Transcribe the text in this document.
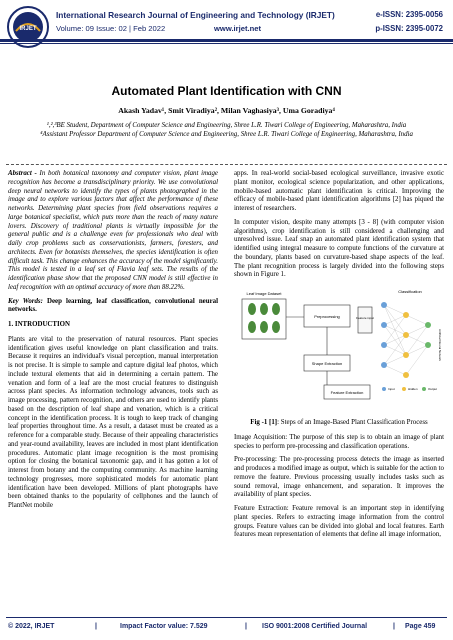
IRJET
International Research Journal of Engineering and Technology (IRJET)
Volume: 09 Issue: 02 | Feb 2022	www.irjet.net
e-ISSN: 2395-0056
p-ISSN: 2395-0072
Automated Plant Identification with CNN
Akash Yadav¹, Smit Viradiya², Milan Vaghasiya³, Uma Goradiya⁴
¹,²,³BE Student, Department of Computer Science and Engineering, Shree L.R. Tiwari College of Engineering, Maharashtra, India
⁴Assistant Professor Department of Computer Science and Engineering, Shree L.R. Tiwari College of Engineering, Maharashtra, India

Abstract - In both botanical taxonomy and computer vision, plant image recognition has become a transdisciplinary priority. We use convolutional deep neural networks to identify the types of plants photographed in the image and to explore various factors that affect the performance of these networks. Determining plant species from field observations requires a large botanical specialist, which puts more than the reach of many nature lovers. Discovery of traditional plants is virtually impossible for the general public and is a challenge even for professionals who deal with daily crop problems such as conservationists, farmers, foresters, and architects. Even for botanists themselves, the species identification is often difficult task. This change enhances the accuracy of the model significantly. This model is tested in a leaf set of Flavia leaf sets. The results of the identification phase show that the proposed CNN model is still effective in leaf recognition with an optimal accuracy of more than 88.22%.

Key Words: Deep learning, leaf classification, convolutional neural networks.

1. INTRODUCTION

Plants are vital to the preservation of natural resources. Plant species identification gives useful knowledge on plant classification and traits. Because it requires an individual's visual perception, manual interpretation is not precise. It is simple to sample and capture digital leaf photos, which include textural elements that aid in determining a certain pattern. The venation and form of a leaf are the most crucial features to distinguish across plant species. As information technology advances, tools such as image processing, pattern recognition, and others are used to identify plants based on the description of leaf shape and venation, which is a critical concept in the identification process. It is tough to keep track of changing leaf properties throughout time. As a result, a dataset must be created as a reference for a comparable study. Because of their appealing characteristics and year-round availability, leaves are included in most plant identification procedures. Automatic plant image recognition is the most promising option for closing the botanical taxonomic gap, and it has gotten a lot of interest from botany and the computing community. As machine learning technology progresses, more sophisticated models for automatic plant identification have been developed. Millions of plant photographs have been obtained thanks to the popularity of cellphones and the launch of PlantNet mobile

apps. In real-world social-based ecological surveillance, invasive exotic plant monitor, ecological science popularization, and other applications, mobile-based automatic plant identification is critical. Improving the efficacy of mobile-based plant identification algorithms [2] has piqued the interest of researchers.

In computer vision, despite many attempts [3 - 8] (with computer vision algorithms), crop identification is still considered a challenging and unresolved issue. Leaf snap an automated plant identification system that identified using integral measure to compute functions of the curvature at the boundary, plants based on curvature-based shape aspects of the leaf. The plant recognition process is largely divided into the following steps shown in Figure 1.

Leaf Image Dataset
Preprocessing
Shape Extraction
Feature Extraction
Feature input
Classification
Input	Hidden	Output
Artificial Neural Network
Fig -1 [1]: Steps of an Image-Based Plant Classification Process

Image Acquisition: The purpose of this step is to obtain an image of plant species to perform pre-processing and classification operations.

Pre-processing: The pre-processing process detects the image as inserted and produces a modified image as output, which is suitable for the action to remove the feature. Previous processing usually includes tasks such as sound removal, image enhancement, and separation. It improves the availability of plant species.

Feature Extraction: Feature removal is an important step in identifying plant species. Refers to extracting image information from the control groups. Feature values can be divided into global and local features. Earth features mean representation of elements that define all image information,

© 2022, IRJET	|	Impact Factor value: 7.529	| ISO 9001:2008 Certified Journal	| Page 459
